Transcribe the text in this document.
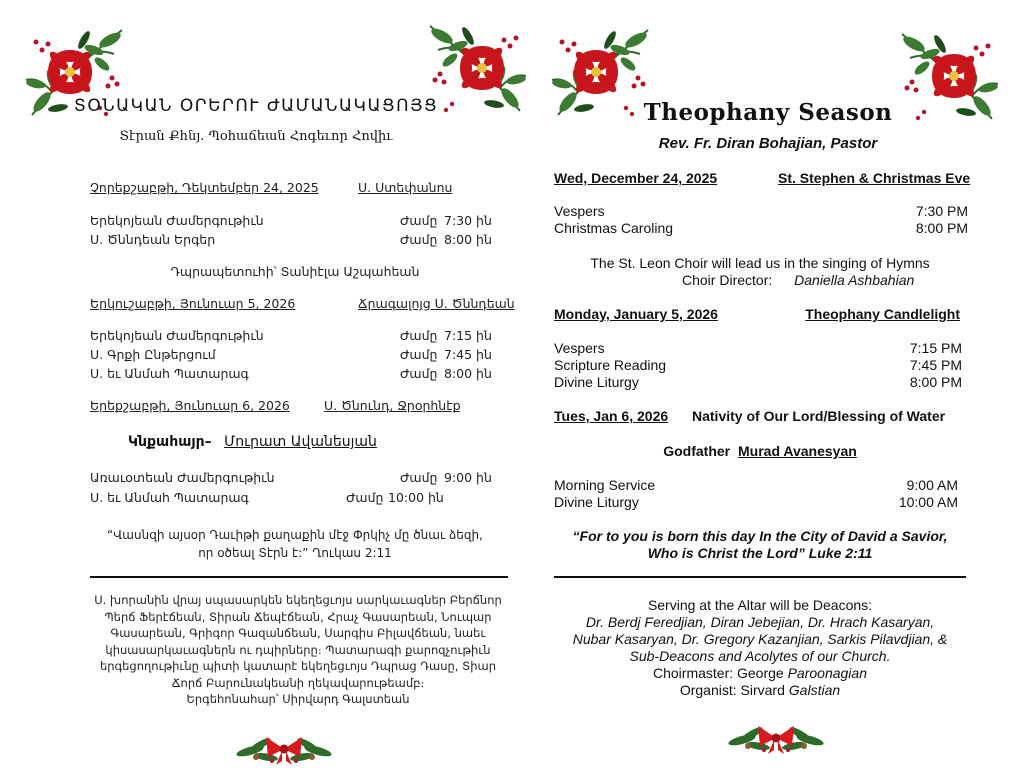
ՏՕՆԱԿԱՆ ՕՐԵՐՈՒ ԺԱՄԱՆԱԿԱՑՈՅՑ
Տէրան Քհնյ. Պօհաճեան Հոգեւոր Հովիւ
Չորեքշաբթի, Դեկտեմբեր 24, 2025	Ս. Ստեփանոս
Երեկոյեան Ժամերգութիւն	Ժամը 7:30 ին
Ս. Ծննդեան Երգեր	Ժամը 8:00 ին
Դպրապետուհի՝ Տանիէլա Աշպահեան
Երկուշաբթի, Յունուար 5, 2026	Ճրագալոյց Ս. Ծննդեան
Երեկոյեան Ժամերգութիւն	Ժամը 7:15 ին
Ս. Գրքի Ընթերցում	Ժամը 7:45 ին
Ս. եւ Անմահ Պատարագ	Ժամը 8:00 ին
Երեքշաբթի, Յունուար 6, 2026	Ս. Ծնունդ, Ջրօրհնէք
Կնքահայր– Մուրատ Ավանեսյան
Առաւօտեան Ժամերգութիւն	Ժամը 9:00 ին
Ս. եւ Անմահ Պատարագ	Ժամը 10:00 ին
“Վասնզի այսօր Դաւիթի քաղաքին մէջ Փրկիչ մը ծնաւ ձեզի,
որ օծեալ Տէրն է:” Ղուկաս 2:11
Ս. խորանին վրայ սպասարկեն եկեղեցւոյս սարկաւագներ Բերճնոր
Պերճ Ֆերէճեան, Տիրան Ճեպէճեան, Հրաչ Գասարեան, Նուպար
Գասարեան, Գրիգոր Գազանճեան, Սարգիս Բիլավճեան, նաեւ
կիսասարկաւագներն ու դպիրները։ Պատարագի քարոզչութիւն
երգեցողութիւնը պիտի կատարէ եկեղեցւոյս Դպրաց Դասը, Տիար
Ճորճ Բարունակեանի ղեկավարութեամբ։
Երգեհոնահար՝ Սիրվարդ Գալստեան
Theophany Season
Rev. Fr. Diran Bohajian, Pastor
Wed, December 24, 2025	St. Stephen & Christmas Eve
Vespers	7:30 PM
Christmas Caroling	8:00 PM
The St. Leon Choir will lead us in the singing of Hymns
Choir Director: Daniella Ashbahian
Monday, January 5, 2026	Theophany Candlelight
Vespers	7:15 PM
Scripture Reading	7:45 PM
Divine Liturgy	8:00 PM
Tues, Jan 6, 2026 Nativity of Our Lord/Blessing of Water
Godfather Murad Avanesyan
Morning Service	9:00 AM
Divine Liturgy	10:00 AM
“For to you is born this day In the City of David a Savior,
Who is Christ the Lord” Luke 2:11
Serving at the Altar will be Deacons:
Dr. Berdj Feredjian, Diran Jebejian, Dr. Hrach Kasaryan,
Nubar Kasaryan, Dr. Gregory Kazanjian, Sarkis Pilavdjian, &
Sub-Deacons and Acolytes of our Church.
Choirmaster: George Paroonagian
Organist: Sirvard Galstian
